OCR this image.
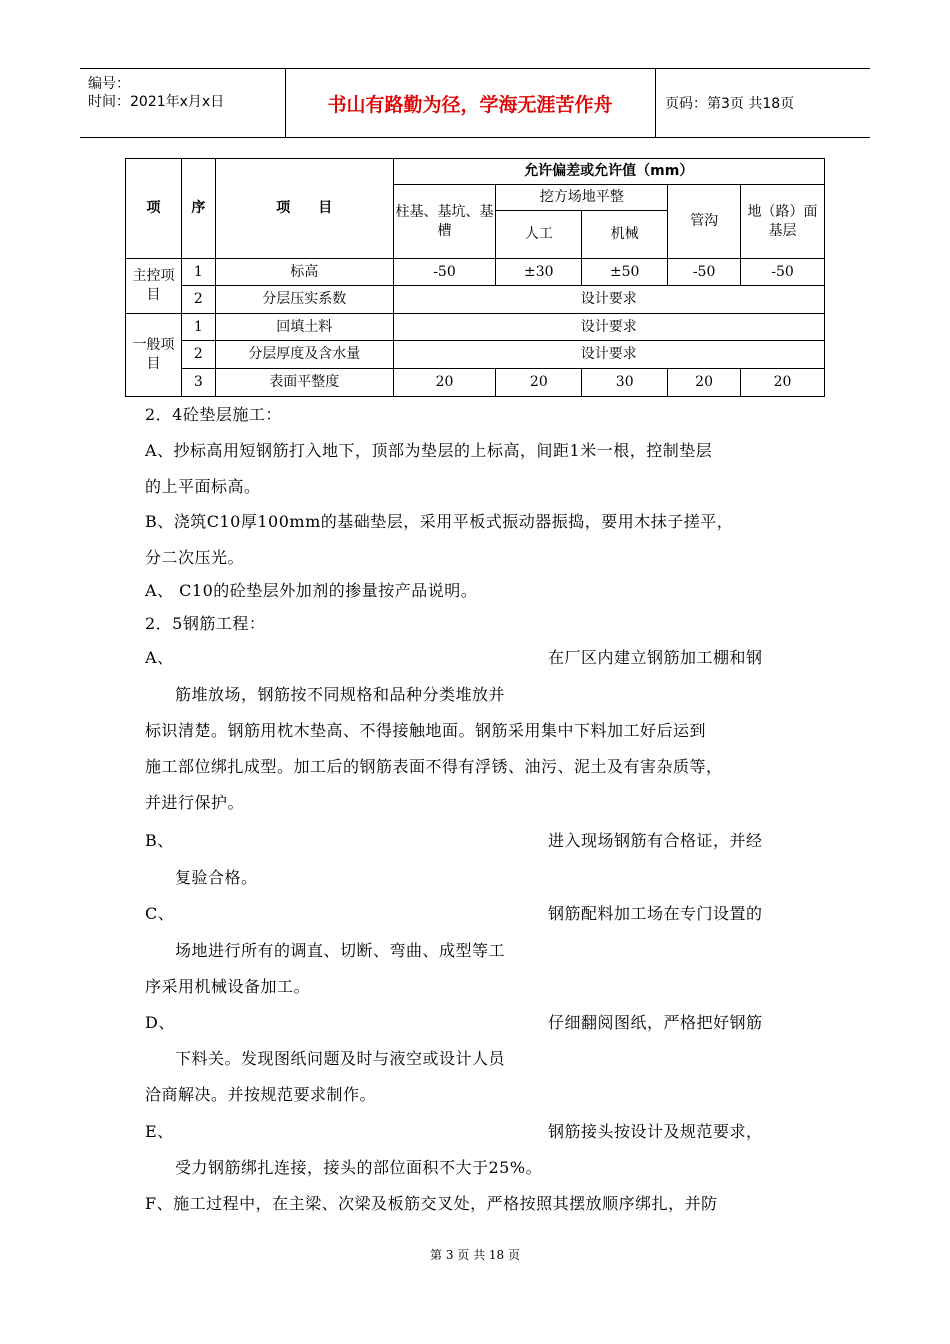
编号：
时间：2021年x月x日	书山有路勤为径，学海无涯苦作舟	页码：第3页 共18页
项	序	项　　目	允许偏差或允许值（mm）				
			柱基、基坑、基槽	挖方场地平整		管沟	地（路）面基层
				人工	机械		
主控项目	1	标高	-50	±30	±50	-50	-50
	2	分层压实系数	设计要求				
一般项目	1	回填土料	设计要求				
	2	分层厚度及含水量	设计要求				
	3	表面平整度	20	20	30	20	20
2．4砼垫层施工：
A、抄标高用短钢筋打入地下，顶部为垫层的上标高，间距1米一根，控制垫层
的上平面标高。
B、浇筑C10厚100mm的基础垫层，采用平板式振动器振捣，要用木抹子搓平，
分二次压光。
A、 C10的砼垫层外加剂的掺量按产品说明。
2．5钢筋工程：
A、	在厂区内建立钢筋加工棚和钢
筋堆放场，钢筋按不同规格和品种分类堆放并
标识清楚。钢筋用枕木垫高、不得接触地面。钢筋采用集中下料加工好后运到
施工部位绑扎成型。加工后的钢筋表面不得有浮锈、油污、泥土及有害杂质等，
并进行保护。
B、	进入现场钢筋有合格证，并经
复验合格。
C、	钢筋配料加工场在专门设置的
场地进行所有的调直、切断、弯曲、成型等工
序采用机械设备加工。
D、	仔细翻阅图纸，严格把好钢筋
下料关。发现图纸问题及时与液空或设计人员
洽商解决。并按规范要求制作。
E、	钢筋接头按设计及规范要求，
受力钢筋绑扎连接，接头的部位面积不大于25%。
F、施工过程中，在主梁、次梁及板筋交叉处，严格按照其摆放顺序绑扎，并防
第 3 页 共 18 页
